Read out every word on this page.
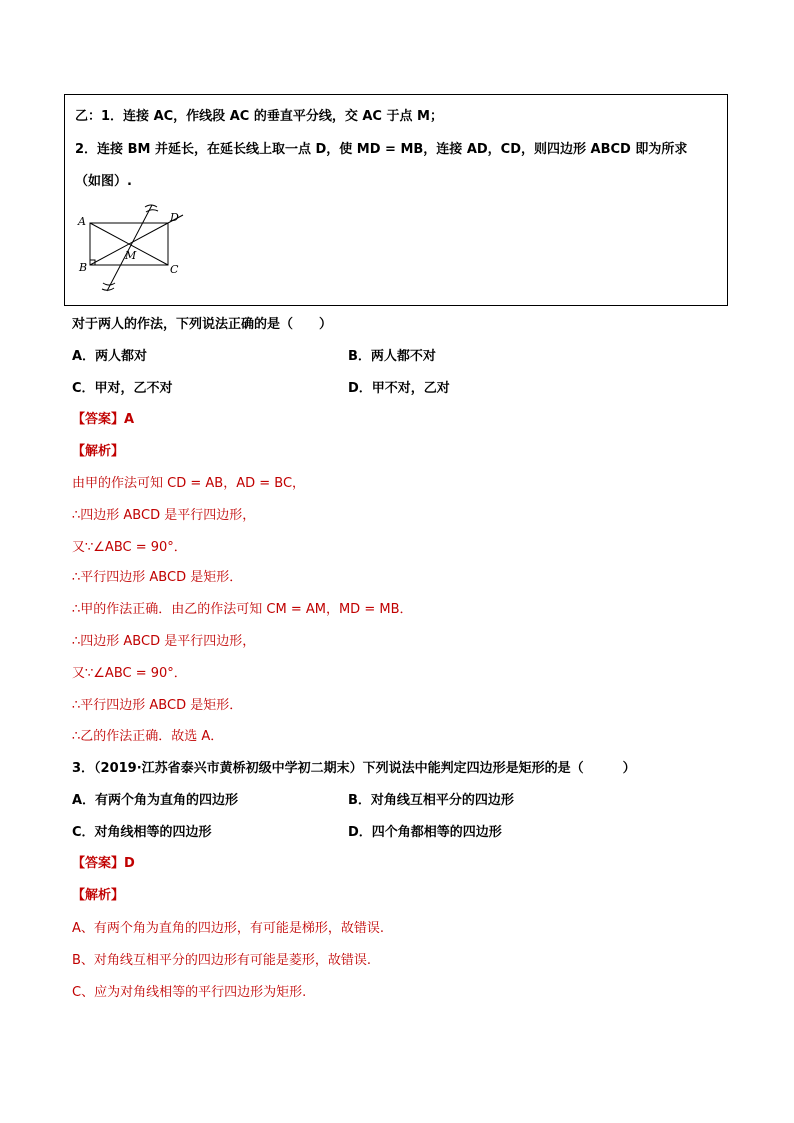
乙：1．连接 AC，作线段 AC 的垂直平分线，交 AC 于点 M；
2．连接 BM 并延长，在延长线上取一点 D，使 MD = MB，连接 AD，CD，则四边形 ABCD 即为所求
（如图）.
A
B	C
D
M
对于两人的作法，下列说法正确的是（　　）
A．两人都对	B．两人都不对
C．甲对，乙不对	D．甲不对，乙对
【答案】A
【解析】
由甲的作法可知 CD = AB，AD = BC，
∴四边形 ABCD 是平行四边形，
又∵∠ABC = 90°．
∴平行四边形 ABCD 是矩形．
∴甲的作法正确．由乙的作法可知 CM = AM，MD = MB．
∴四边形 ABCD 是平行四边形，
又∵∠ABC = 90°．
∴平行四边形 ABCD 是矩形．
∴乙的作法正确．故选 A．
3．（2019·江苏省泰兴市黄桥初级中学初二期末）下列说法中能判定四边形是矩形的是（　　　）
A．有两个角为直角的四边形	B．对角线互相平分的四边形
C．对角线相等的四边形	D．四个角都相等的四边形
【答案】D
【解析】
A、有两个角为直角的四边形，有可能是梯形，故错误.
B、对角线互相平分的四边形有可能是菱形，故错误.
C、应为对角线相等的平行四边形为矩形.
